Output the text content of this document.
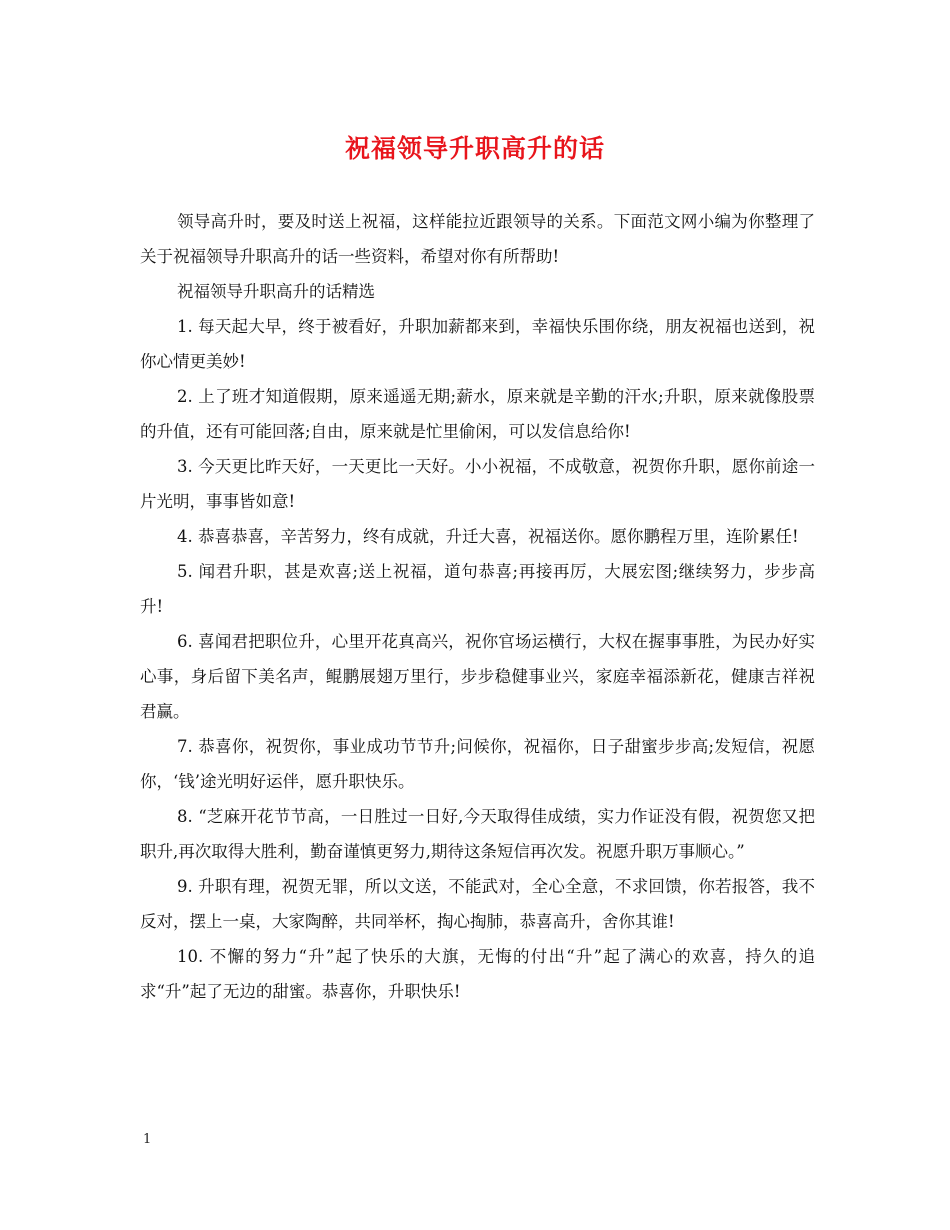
祝福领导升职高升的话

领导高升时，要及时送上祝福，这样能拉近跟领导的关系。下面范文网小编为你整理了关于祝福领导升职高升的话一些资料，希望对你有所帮助!

祝福领导升职高升的话精选

1. 每天起大早，终于被看好，升职加薪都来到，幸福快乐围你绕，朋友祝福也送到，祝你心情更美妙!

2. 上了班才知道假期，原来遥遥无期;薪水，原来就是辛勤的汗水;升职，原来就像股票的升值，还有可能回落;自由，原来就是忙里偷闲，可以发信息给你!

3. 今天更比昨天好，一天更比一天好。小小祝福，不成敬意，祝贺你升职，愿你前途一片光明，事事皆如意!

4. 恭喜恭喜，辛苦努力，终有成就，升迁大喜，祝福送你。愿你鹏程万里，连阶累任!

5. 闻君升职，甚是欢喜;送上祝福，道句恭喜;再接再厉，大展宏图;继续努力，步步高升!

6. 喜闻君把职位升，心里开花真高兴，祝你官场运横行，大权在握事事胜，为民办好实心事，身后留下美名声，鲲鹏展翅万里行，步步稳健事业兴，家庭幸福添新花，健康吉祥祝君赢。

7. 恭喜你，祝贺你，事业成功节节升;问候你，祝福你，日子甜蜜步步高;发短信，祝愿你，‘钱’途光明好运伴，愿升职快乐。

8. “芝麻开花节节高，一日胜过一日好,今天取得佳成绩，实力作证没有假，祝贺您又把职升,再次取得大胜利，勤奋谨慎更努力,期待这条短信再次发。祝愿升职万事顺心。”

9. 升职有理，祝贺无罪，所以文送，不能武对，全心全意，不求回馈，你若报答，我不反对，摆上一桌，大家陶醉，共同举杯，掏心掏肺，恭喜高升，舍你其谁!

10. 不懈的努力“升”起了快乐的大旗，无悔的付出“升”起了满心的欢喜，持久的追求“升”起了无边的甜蜜。恭喜你，升职快乐!

1
